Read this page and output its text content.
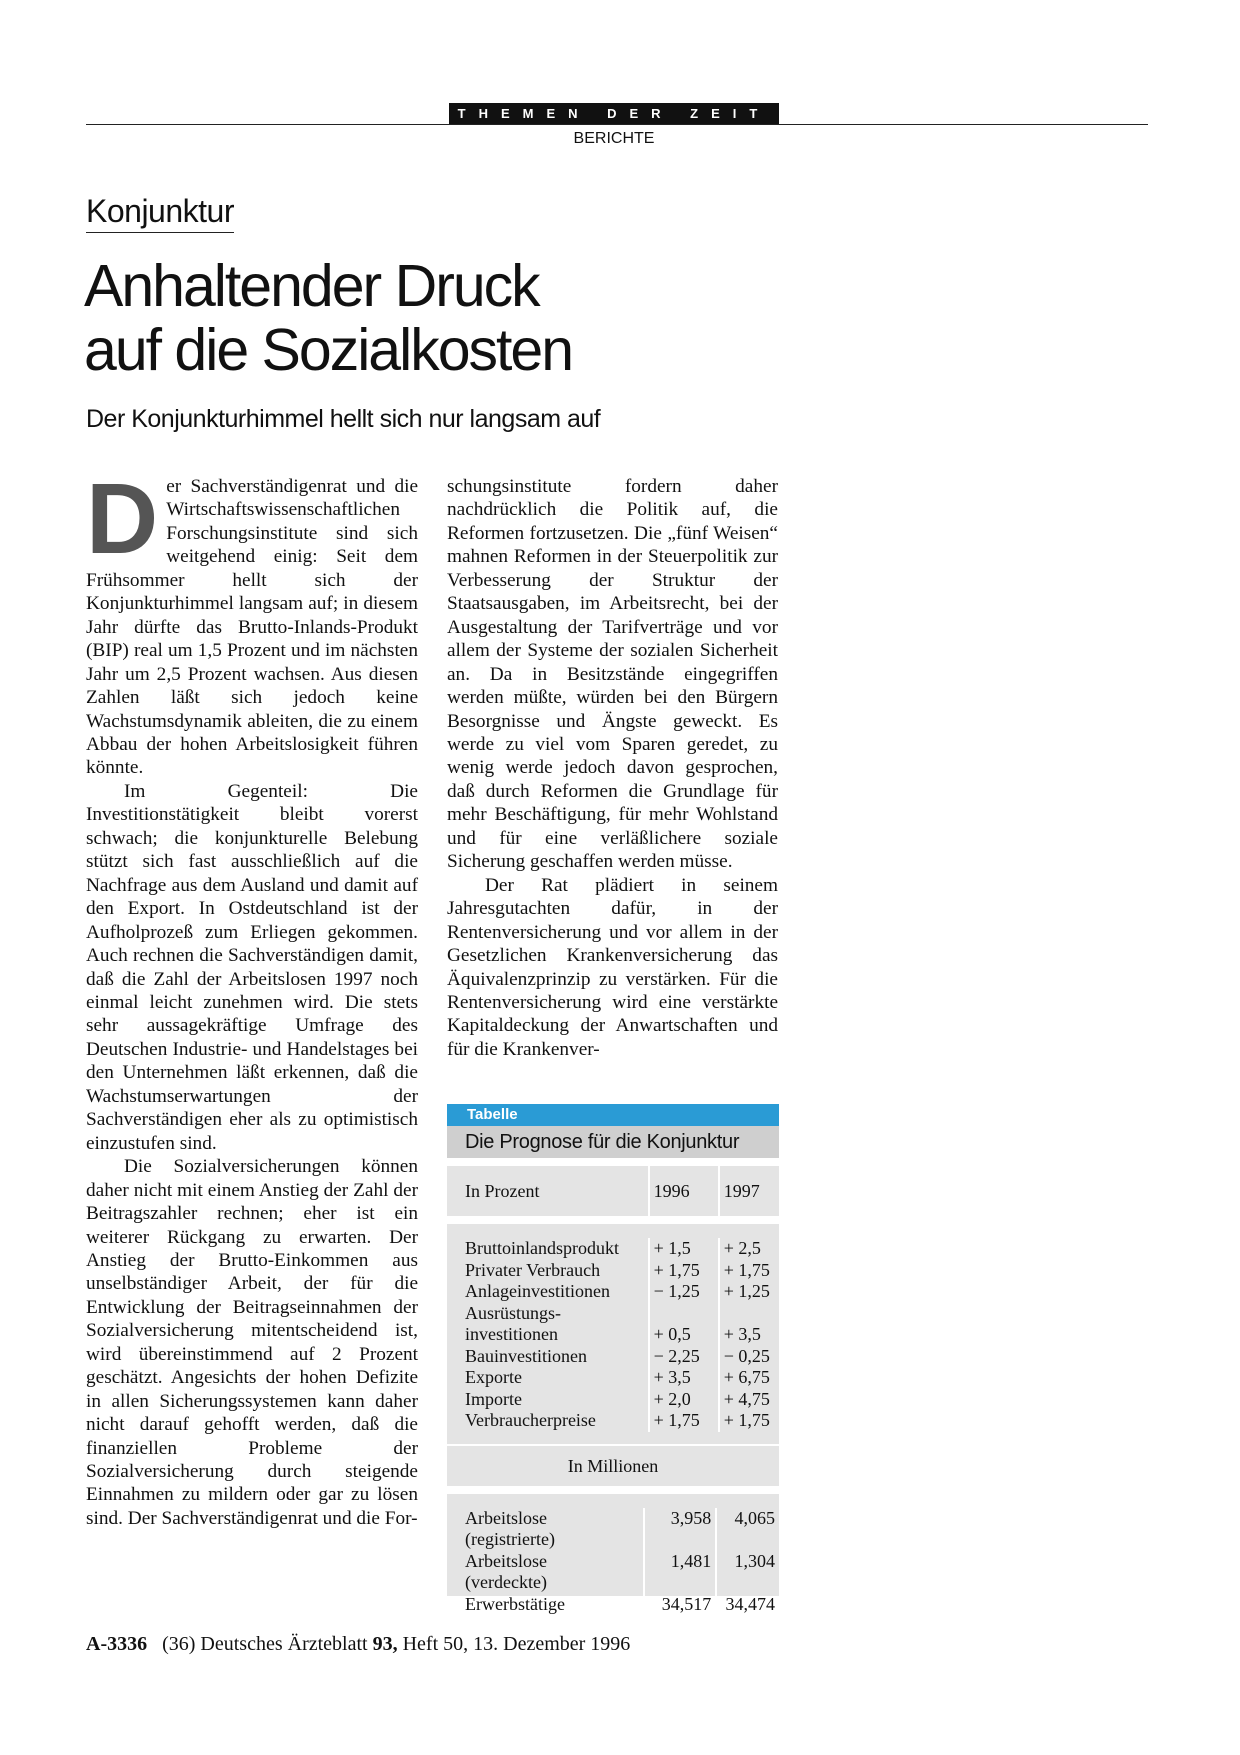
THEMEN DER ZEIT
BERICHTE
Konjunktur
Anhaltender Druck
auf die Sozialkosten
Der Konjunkturhimmel hellt sich nur langsam auf

Der Sachverständigenrat und die Wirtschaftswissenschaftlichen Forschungsinstitute sind sich weitgehend einig: Seit dem Frühsommer hellt sich der Konjunkturhimmel langsam auf; in diesem Jahr dürfte das Brutto-Inlands-Produkt (BIP) real um 1,5 Prozent und im nächsten Jahr um 2,5 Prozent wachsen. Aus diesen Zahlen läßt sich jedoch keine Wachstumsdynamik ableiten, die zu einem Abbau der hohen Arbeitslosigkeit führen könnte.

Im Gegenteil: Die Investitionstätigkeit bleibt vorerst schwach; die konjunkturelle Belebung stützt sich fast ausschließlich auf die Nachfrage aus dem Ausland und damit auf den Export. In Ostdeutschland ist der Aufholprozeß zum Erliegen gekommen. Auch rechnen die Sachverständigen damit, daß die Zahl der Arbeitslosen 1997 noch einmal leicht zunehmen wird. Die stets sehr aussagekräftige Umfrage des Deutschen Industrie- und Handelstages bei den Unternehmen läßt erkennen, daß die Wachstumserwartungen der Sachverständigen eher als zu optimistisch einzustufen sind.

Die Sozialversicherungen können daher nicht mit einem Anstieg der Zahl der Beitragszahler rechnen; eher ist ein weiterer Rückgang zu erwarten. Der Anstieg der Brutto-Einkommen aus unselbständiger Arbeit, der für die Entwicklung der Beitragseinnahmen der Sozialversicherung mitentscheidend ist, wird übereinstimmend auf 2 Prozent geschätzt. Angesichts der hohen Defizite in allen Sicherungssystemen kann daher nicht darauf gehofft werden, daß die finanziellen Probleme der Sozialversicherung durch steigende Einnahmen zu mildern oder gar zu lösen sind. Der Sachverständigenrat und die For-

schungsinstitute fordern daher nachdrücklich die Politik auf, die Reformen fortzusetzen. Die „fünf Weisen“ mahnen Reformen in der Steuerpolitik zur Verbesserung der Struktur der Staatsausgaben, im Arbeitsrecht, bei der Ausgestaltung der Tarifverträge und vor allem der Systeme der sozialen Sicherheit an. Da in Besitzstände eingegriffen werden müßte, würden bei den Bürgern Besorgnisse und Ängste geweckt. Es werde zu viel vom Sparen geredet, zu wenig werde jedoch davon gesprochen, daß durch Reformen die Grundlage für mehr Beschäftigung, für mehr Wohlstand und für eine verläßlichere soziale Sicherung geschaffen werden müsse.

Der Rat plädiert in seinem Jahresgutachten dafür, in der Rentenversicherung und vor allem in der Gesetzlichen Krankenversicherung das Äquivalenzprinzip zu verstärken. Für die Rentenversicherung wird eine verstärkte Kapitaldeckung der Anwartschaften und für die Krankenver-

Tabelle
Die Prognose für die Konjunktur
In Prozent	1996	1997
Bruttoinlandsprodukt	+ 1,5	+ 2,5
Privater Verbrauch	+ 1,75	+ 1,75
Anlageinvestitionen	− 1,25	+ 1,25
Ausrüstungs-
investitionen	+ 0,5	+ 3,5
Bauinvestitionen	− 2,25	− 0,25
Exporte	+ 3,5	+ 6,75
Importe	+ 2,0	+ 4,75
Verbraucherpreise	+ 1,75	+ 1,75
In Millionen
Arbeitslose	3,958	4,065
(registrierte)
Arbeitslose	1,481	1,304
(verdeckte)
Erwerbstätige	34,517 34,474
A-3336 (36) Deutsches Ärzteblatt 93, Heft 50, 13. Dezember 1996
